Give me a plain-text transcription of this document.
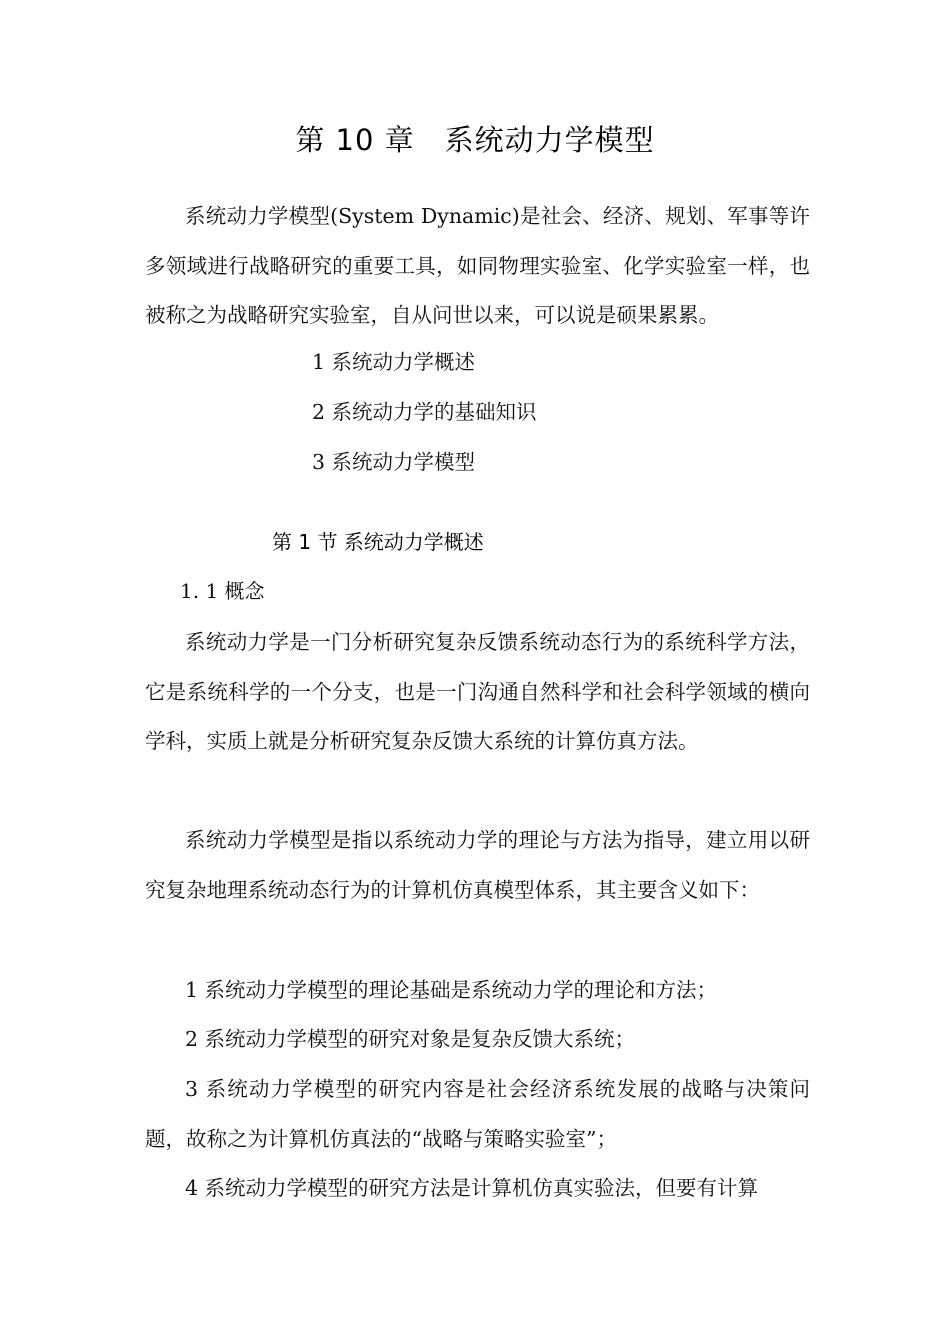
第 10 章　系统动力学模型

系统动力学模型(System Dynamic)是社会、经济、规划、军事等许多领域进行战略研究的重要工具，如同物理实验室、化学实验室一样，也被称之为战略研究实验室，自从问世以来，可以说是硕果累累。

1 系统动力学概述
2 系统动力学的基础知识
3 系统动力学模型
第 1 节 系统动力学概述
1. 1 概念

系统动力学是一门分析研究复杂反馈系统动态行为的系统科学方法，它是系统科学的一个分支，也是一门沟通自然科学和社会科学领域的横向学科，实质上就是分析研究复杂反馈大系统的计算仿真方法。

系统动力学模型是指以系统动力学的理论与方法为指导，建立用以研究复杂地理系统动态行为的计算机仿真模型体系，其主要含义如下：

1 系统动力学模型的理论基础是系统动力学的理论和方法；

2 系统动力学模型的研究对象是复杂反馈大系统；

3 系统动力学模型的研究内容是社会经济系统发展的战略与决策问题，故称之为计算机仿真法的“战略与策略实验室”；

4 系统动力学模型的研究方法是计算机仿真实验法，但要有计算
